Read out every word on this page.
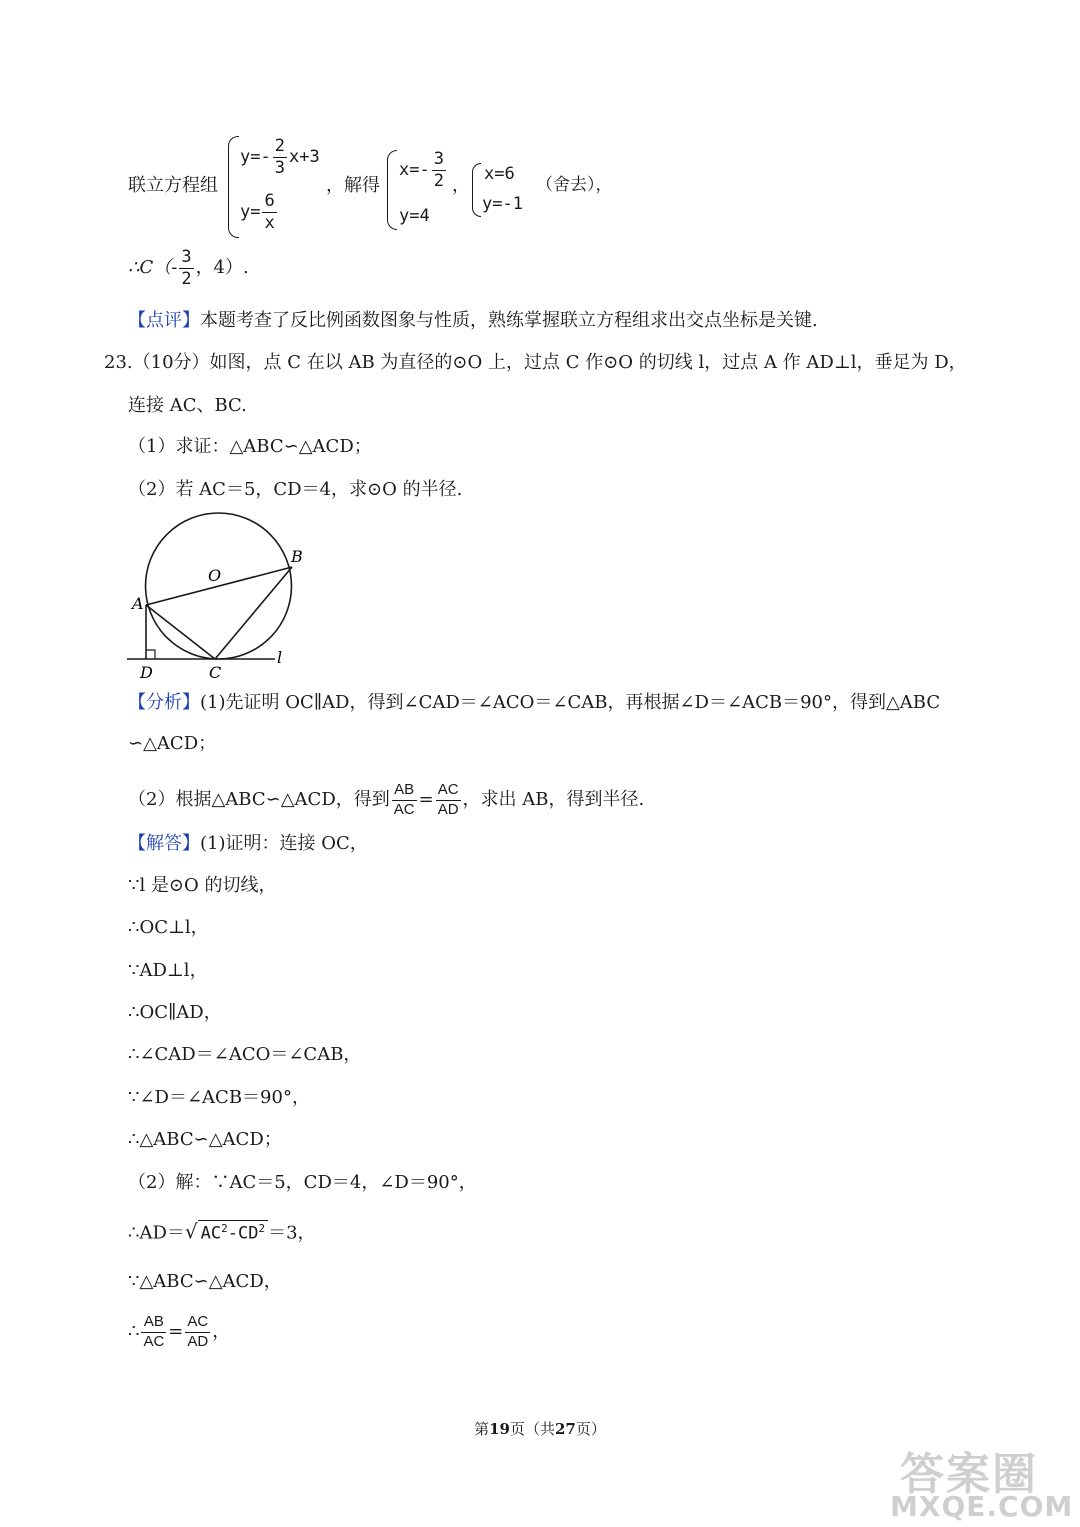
联立方程组
$y=- \frac{2}{3} x+3$
$y= \frac{6}{x}$
，解得
$x=- \frac{3}{2}$
y=4
，
x=6
y=-1
（舍去），
∴C（- $\frac{3}{2}$ ，4）.
【点评】本题考查了反比例函数图象与性质，熟练掌握联立方程组求出交点坐标是关键.
23.（10分）如图，点 C 在以 AB 为直径的⊙O 上，过点 C 作⊙O 的切线 l，过点 A 作 AD⊥l，垂足为 D，
连接 AC、BC.
（1）求证：△ABC∽△ACD；
（2）若 AC＝5，CD＝4，求⊙O 的半径.
A
B
O
D	C
l
【分析】(1)先证明 OC∥AD，得到∠CAD＝∠ACO＝∠CAB，再根据∠D＝∠ACB＝90°，得到△ABC
∽△ACD；
（2）根据△ABC∽△ACD，得到 $\frac{AB}{AC} = \frac{AC}{AD}$ ，求出 AB，得到半径.
【解答】(1)证明：连接 OC，
∵l 是⊙O 的切线，
∴OC⊥l，
∵AD⊥l，
∴OC∥AD，
∴∠CAD＝∠ACO＝∠CAB，
∵∠D＝∠ACB＝90°，
∴△ABC∽△ACD；
（2）解：∵AC＝5，CD＝4，∠D＝90°，
∴AD＝√ $AC^2-CD^2 =3$，
∵△ABC∽△ACD，
∴ $\frac{AB}{AC} = \frac{AC}{AD}$ ，
第19页（共27页）
答案圈
MXQE.COM
